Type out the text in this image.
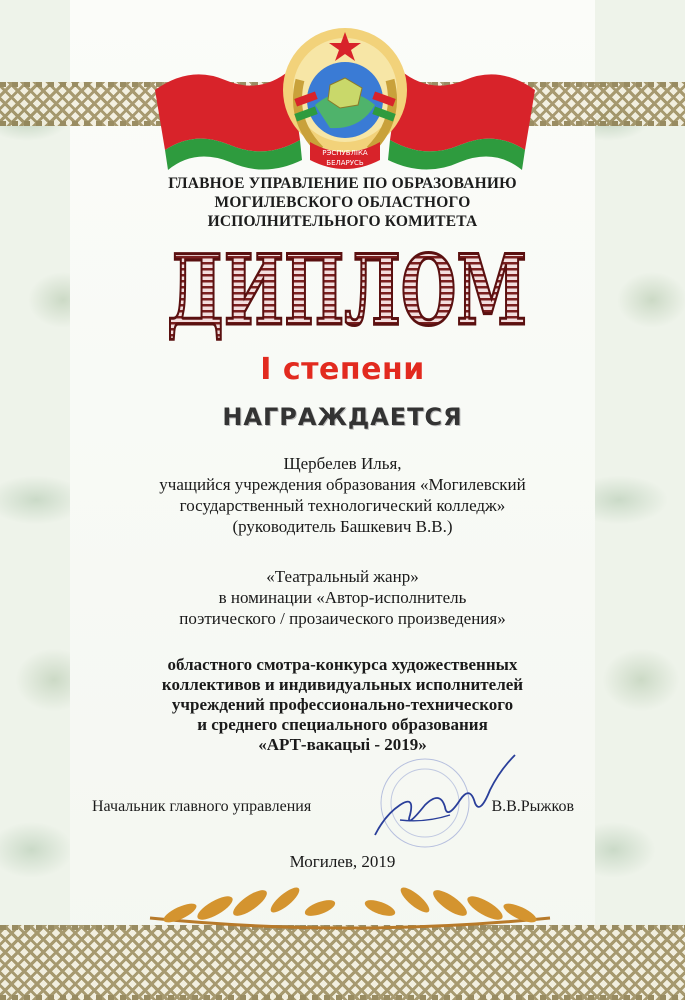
РЭСПУБЛІКА
БЕЛАРУСЬ
ГЛАВНОЕ УПРАВЛЕНИЕ ПО ОБРАЗОВАНИЮ
МОГИЛЕВСКОГО ОБЛАСТНОГО
ИСПОЛНИТЕЛЬНОГО КОМИТЕТА
ДИПЛОМ
I степени
НАГРАЖДАЕТСЯ
Щербелев Илья,
учащийся учреждения образования «Могилевский
государственный технологический колледж»
(руководитель Башкевич В.В.)
«Театральный жанр»
в номинации «Автор-исполнитель
поэтического / прозаического произведения»
областного смотра-конкурса художественных
коллективов и индивидуальных исполнителей
учреждений профессионально-технического
и среднего специального образования
«АРТ-вакацыі - 2019»
Начальник главного управления	В.В.Рыжков
Могилев, 2019
